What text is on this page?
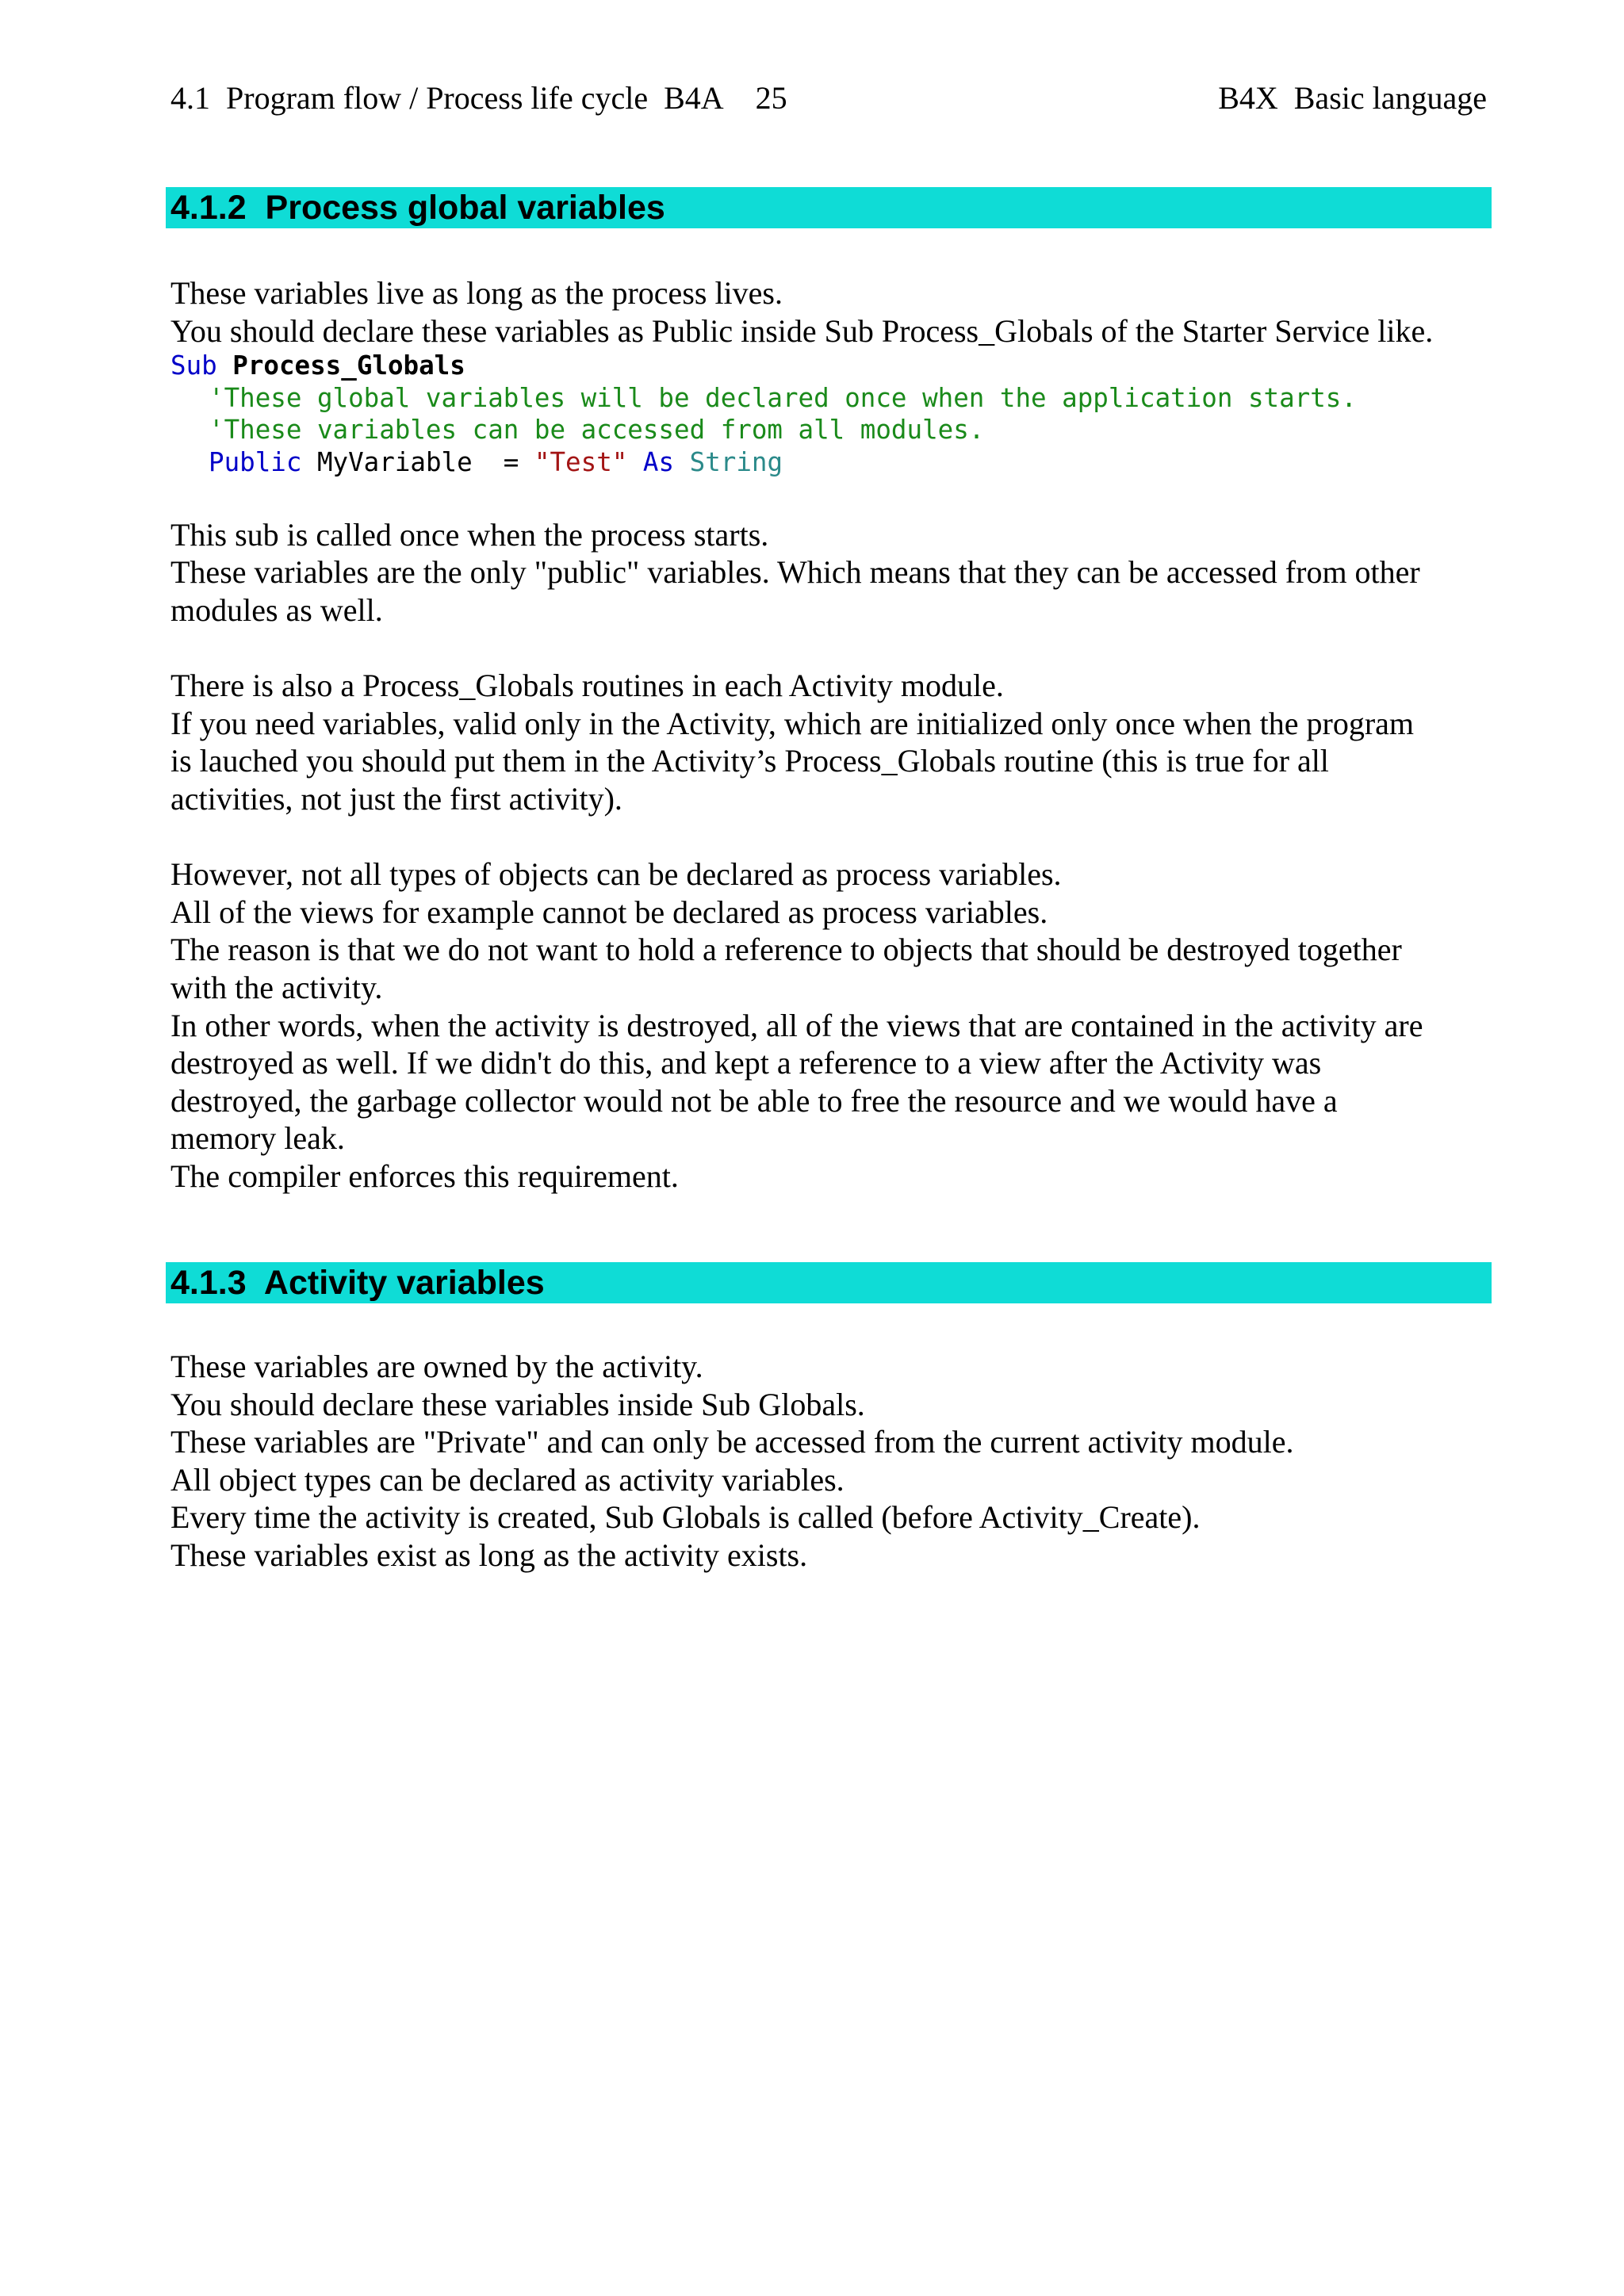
4.1  Program flow / Process life cycle  B4A 25	B4X  Basic language
4.1.2  Process global variables

These variables live as long as the process lives.

You should declare these variables as Public inside Sub Process_Globals of the Starter Service like.

Sub Process_Globals
'These global variables will be declared once when the application starts.
'These variables can be accessed from all modules.
Public MyVariable  = "Test" As String

This sub is called once when the process starts.

These variables are the only "public" variables. Which means that they can be accessed from other

modules as well.

There is also a Process_Globals routines in each Activity module.

If you need variables, valid only in the Activity, which are initialized only once when the program

is lauched you should put them in the Activity’s Process_Globals routine (this is true for all

activities, not just the first activity).

However, not all types of objects can be declared as process variables.

All of the views for example cannot be declared as process variables.

The reason is that we do not want to hold a reference to objects that should be destroyed together

with the activity.

In other words, when the activity is destroyed, all of the views that are contained in the activity are

destroyed as well. If we didn't do this, and kept a reference to a view after the Activity was

destroyed, the garbage collector would not be able to free the resource and we would have a

memory leak.

The compiler enforces this requirement.

4.1.3  Activity variables

These variables are owned by the activity.

You should declare these variables inside Sub Globals.

These variables are "Private" and can only be accessed from the current activity module.

All object types can be declared as activity variables.

Every time the activity is created, Sub Globals is called (before Activity_Create).

These variables exist as long as the activity exists.
